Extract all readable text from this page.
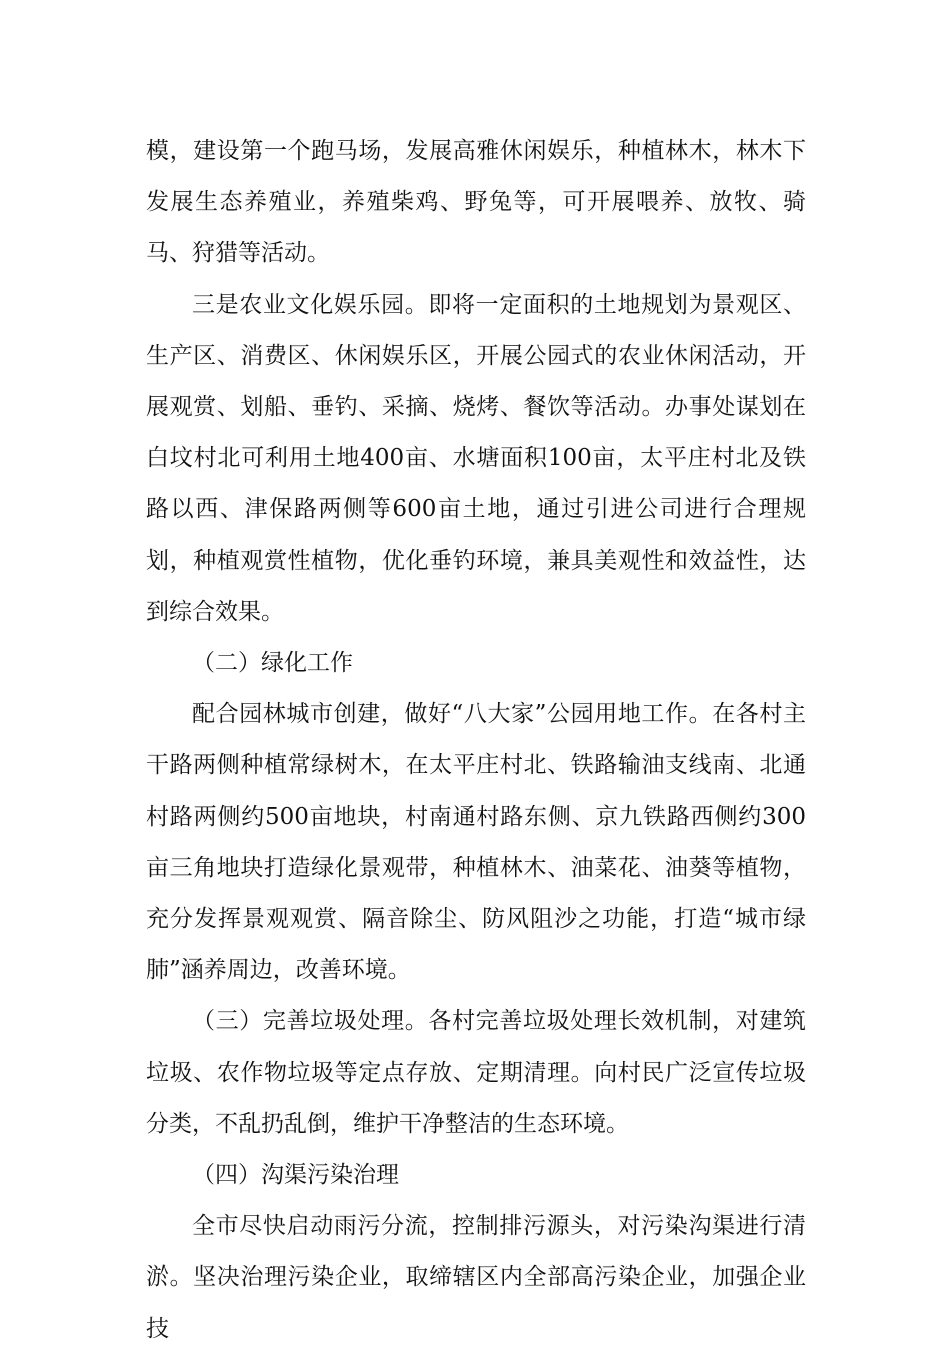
模，建设第一个跑马场，发展高雅休闲娱乐，种植林木，林木下发展生态养殖业，养殖柴鸡、野兔等，可开展喂养、放牧、骑马、狩猎等活动。

三是农业文化娱乐园。即将一定面积的土地规划为景观区、生产区、消费区、休闲娱乐区，开展公园式的农业休闲活动，开展观赏、划船、垂钓、采摘、烧烤、餐饮等活动。办事处谋划在白坟村北可利用土地400亩、水塘面积100亩，太平庄村北及铁路以西、津保路两侧等600亩土地，通过引进公司进行合理规划，种植观赏性植物，优化垂钓环境，兼具美观性和效益性，达到综合效果。

（二）绿化工作

配合园林城市创建，做好“八大家”公园用地工作。在各村主干路两侧种植常绿树木，在太平庄村北、铁路输油支线南、北通村路两侧约500亩地块，村南通村路东侧、京九铁路西侧约300亩三角地块打造绿化景观带，种植林木、油菜花、油葵等植物，充分发挥景观观赏、隔音除尘、防风阻沙之功能，打造“城市绿肺”涵养周边，改善环境。

（三）完善垃圾处理。各村完善垃圾处理长效机制，对建筑垃圾、农作物垃圾等定点存放、定期清理。向村民广泛宣传垃圾分类，不乱扔乱倒，维护干净整洁的生态环境。

（四）沟渠污染治理

全市尽快启动雨污分流，控制排污源头，对污染沟渠进行清淤。坚决治理污染企业，取缔辖区内全部高污染企业，加强企业技
